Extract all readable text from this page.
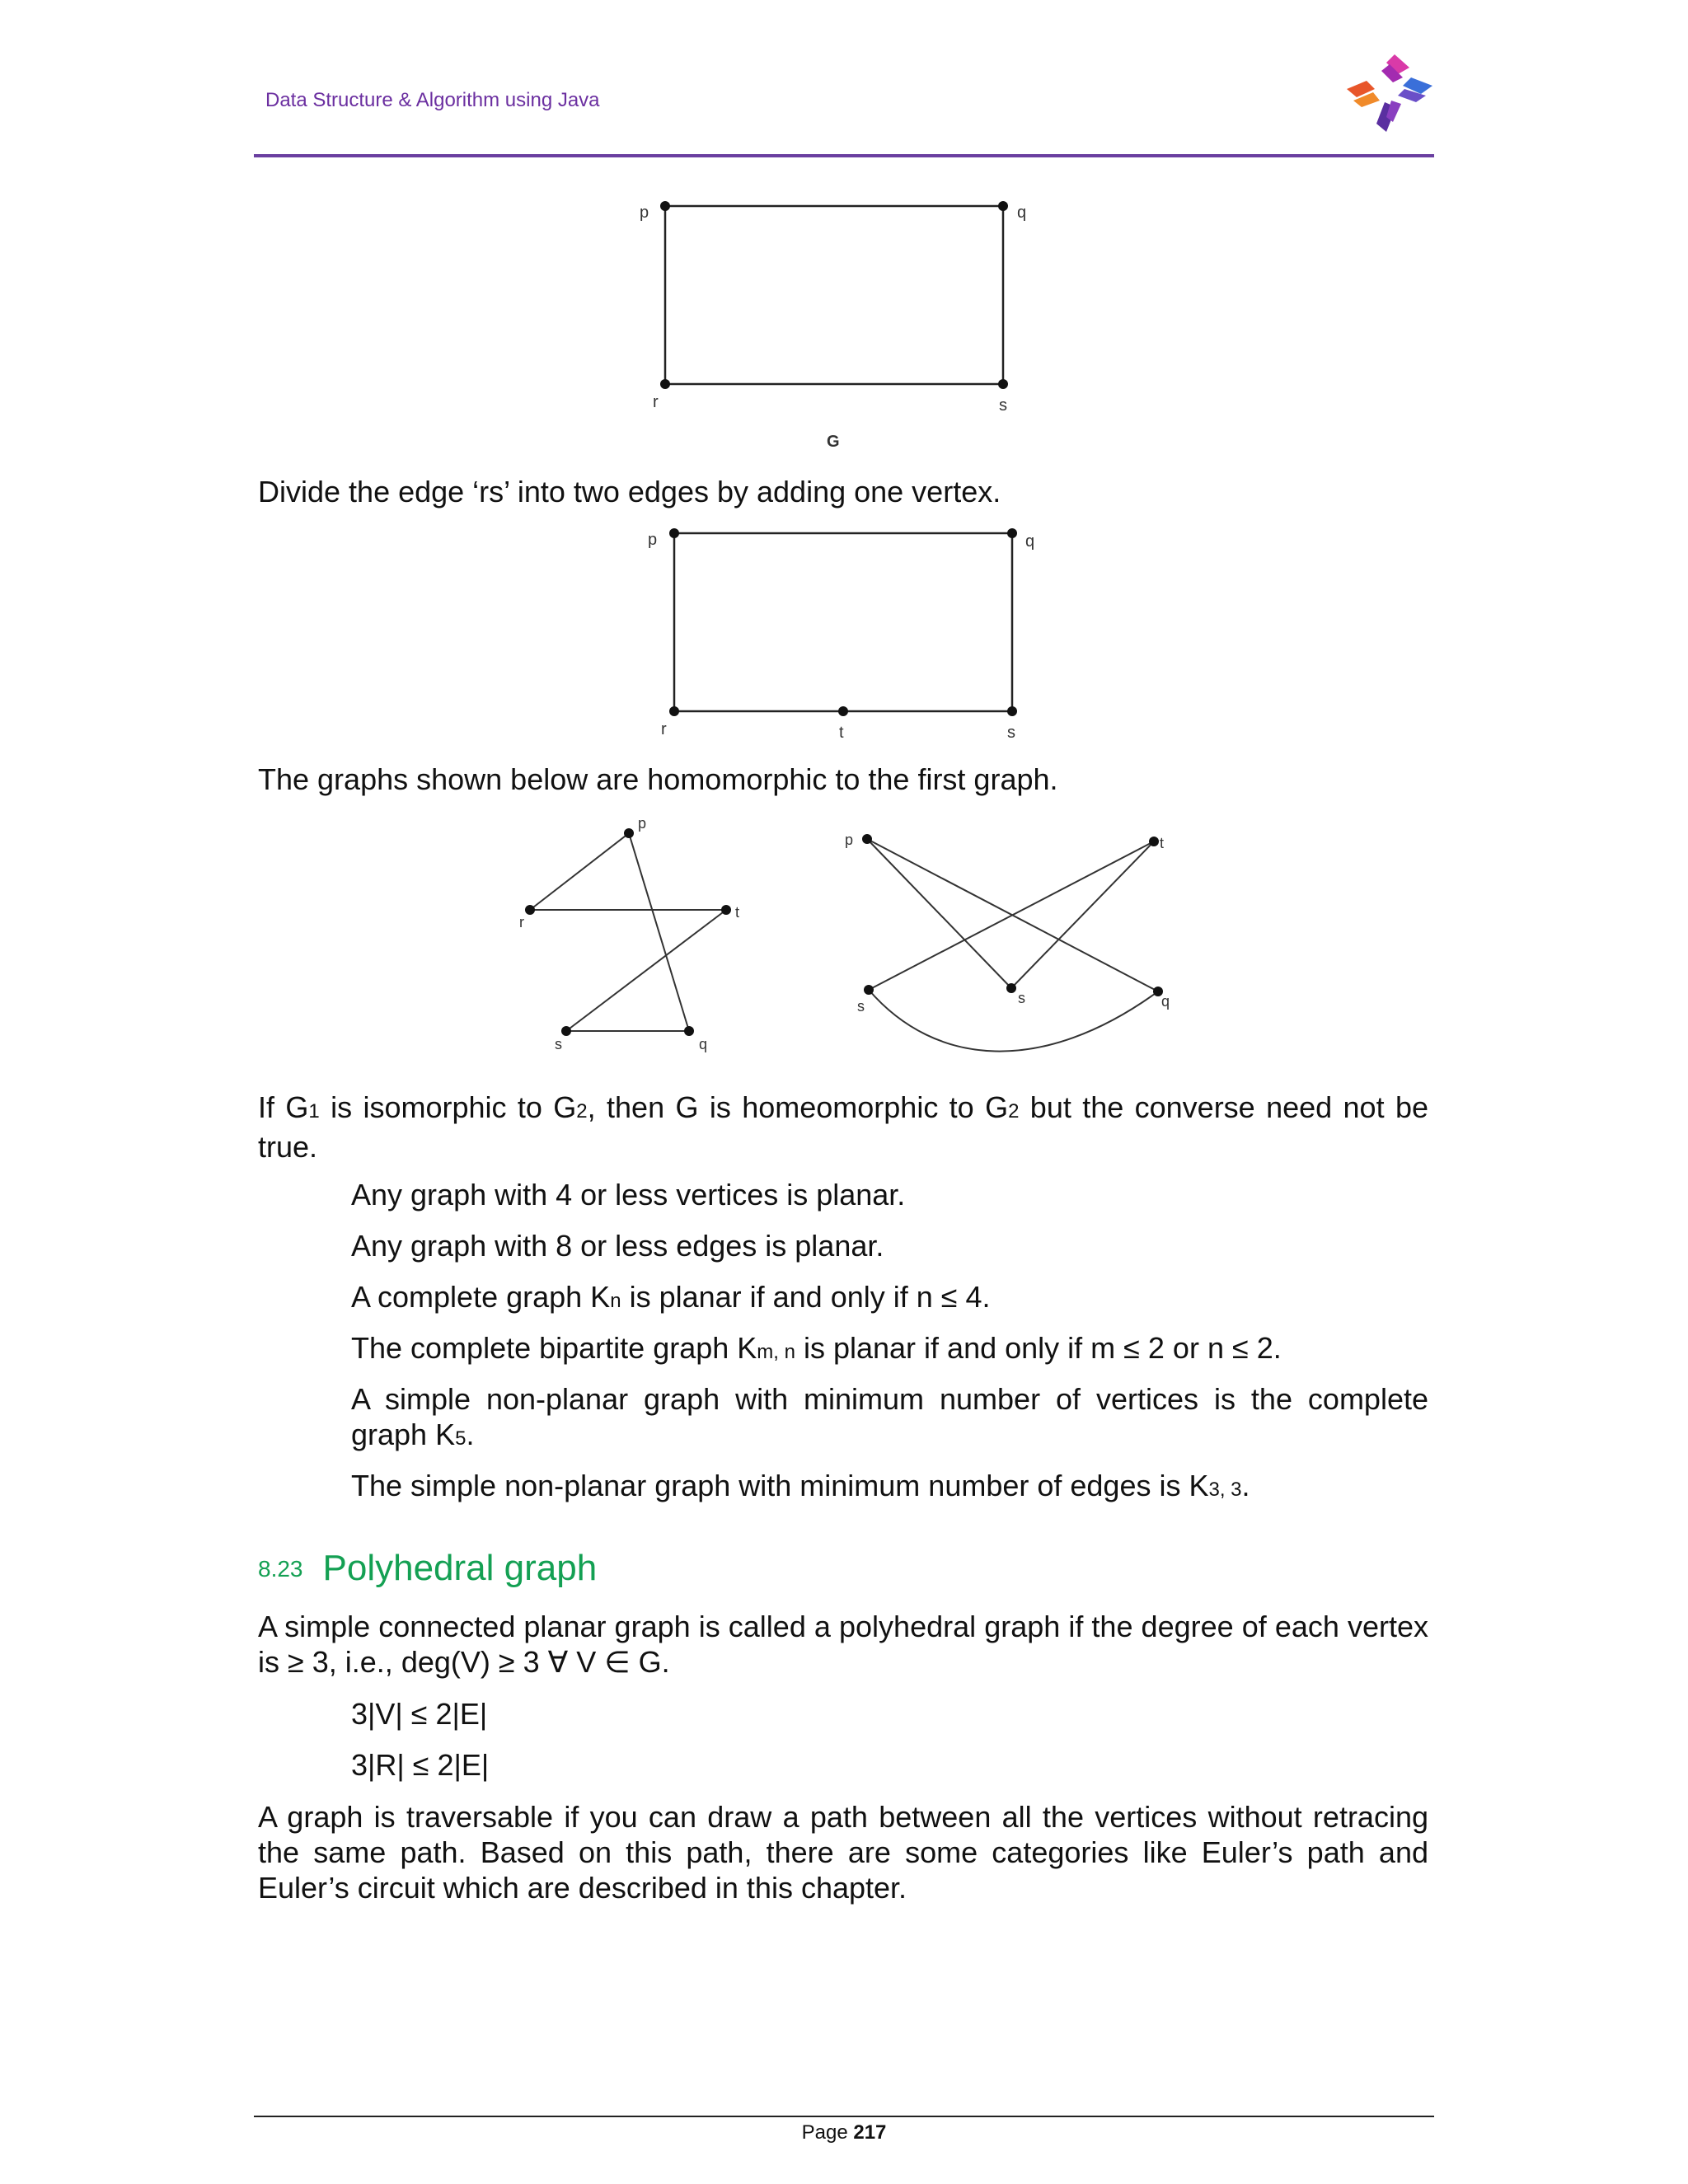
Data Structure & Algorithm using Java
p	q
r	s
G
Divide the edge ‘rs’ into two edges by adding one vertex.
p	q
r	t	s
The graphs shown below are homomorphic to the first graph.
p
r
t
s	q
p	t
s	s	q
If G1 is isomorphic to G2, then G is homeomorphic to G2 but the converse need not be true.
Any graph with 4 or less vertices is planar.
Any graph with 8 or less edges is planar.
A complete graph Kn is planar if and only if n ≤ 4.
The complete bipartite graph Km, n is planar if and only if m ≤ 2 or n ≤ 2.
A simple non-planar graph with minimum number of vertices is the complete graph K5.
The simple non-planar graph with minimum number of edges is K3, 3.
8.23 Polyhedral graph
A simple connected planar graph is called a polyhedral graph if the degree of each vertex is ≥ 3, i.e., deg(V) ≥ 3 ∀ V ∈ G.
3|V| ≤ 2|E|
3|R| ≤ 2|E|
A graph is traversable if you can draw a path between all the vertices without retracing the same path. Based on this path, there are some categories like Euler’s path and Euler’s circuit which are described in this chapter.
Page 217
